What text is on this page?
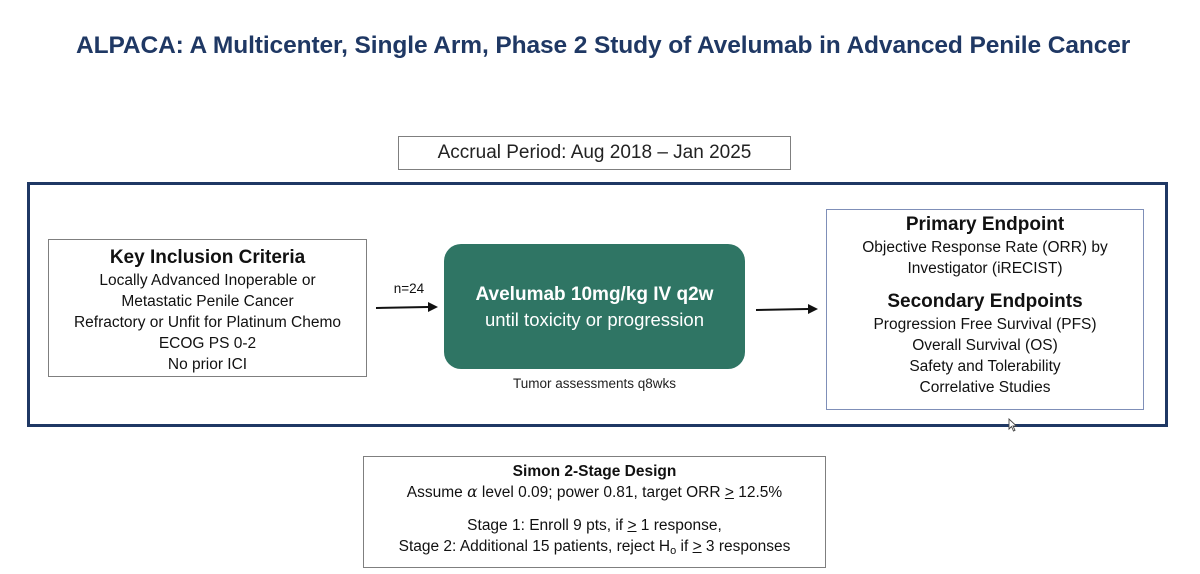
ALPACA: A Multicenter, Single Arm, Phase 2 Study of Avelumab in Advanced Penile Cancer
Accrual Period: Aug 2018 – Jan 2025
Key Inclusion Criteria
Locally Advanced Inoperable or
Metastatic Penile Cancer
Refractory or Unfit for Platinum Chemo
ECOG PS 0-2
No prior ICI
n=24	Avelumab 10mg/kg IV q2w
until toxicity or progression
Tumor assessments q8wks
Primary Endpoint
Objective Response Rate (ORR) by
Investigator (iRECIST)
Secondary Endpoints
Progression Free Survival (PFS)
Overall Survival (OS)
Safety and Tolerability
Correlative Studies
Simon 2-Stage Design
Assume α level 0.09; power 0.81, target ORR ≥ 12.5%
Stage 1: Enroll 9 pts, if ≥ 1 response,
Stage 2: Additional 15 patients, reject $H_o$ if ≥ 3 responses
